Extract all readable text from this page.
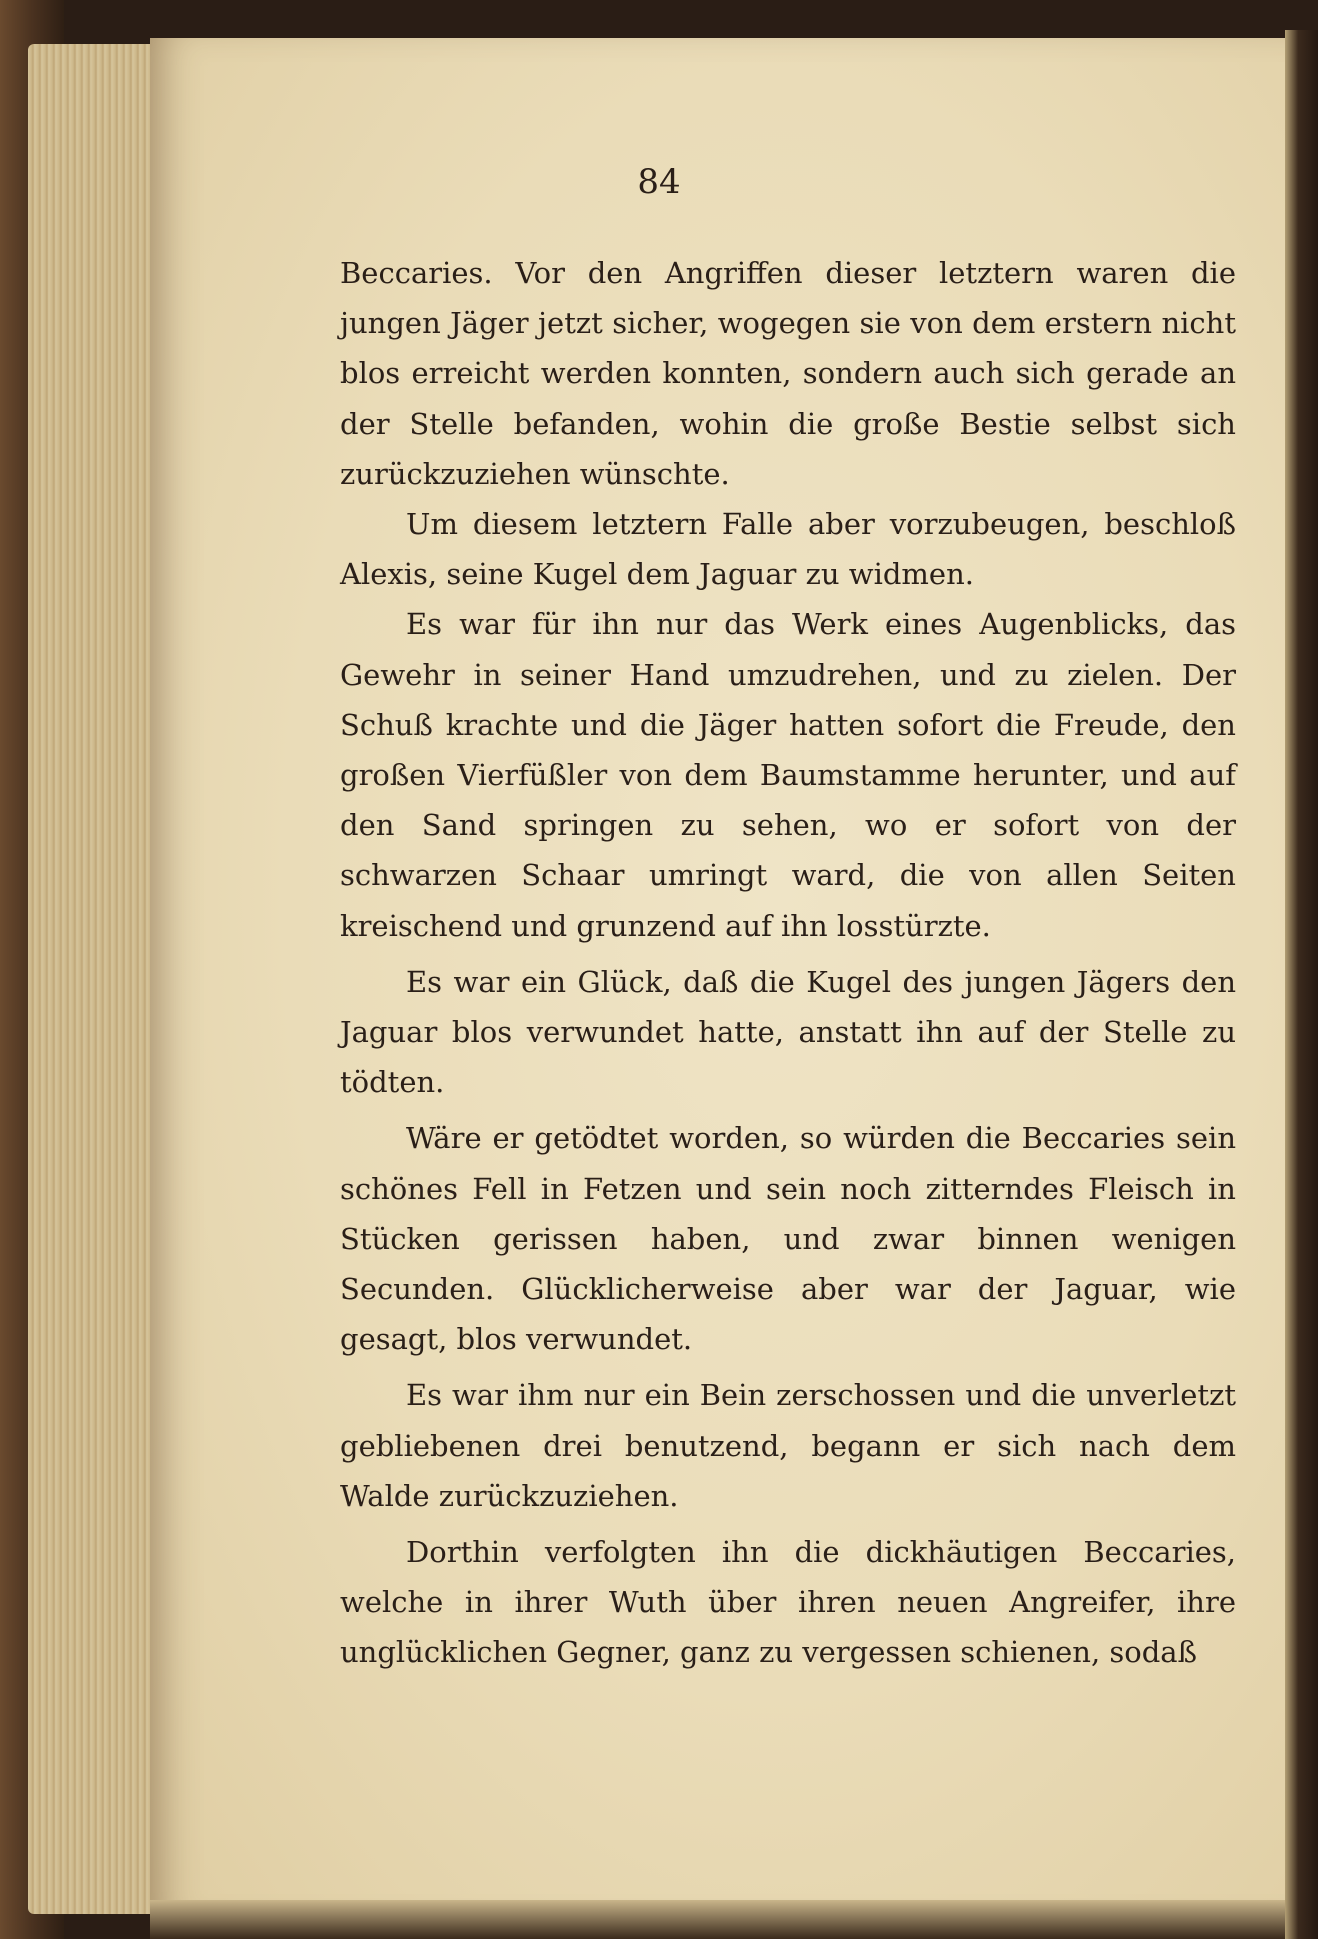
84

Beccaries. Vor den Angriffen dieser letztern waren die jungen Jäger jetzt sicher, wogegen sie von dem erstern nicht blos erreicht werden konnten, sondern auch sich gerade an der Stelle befanden, wohin die große Bestie selbst sich zurückzuziehen wünschte.

Um diesem letztern Falle aber vorzubeugen, beschloß Alexis, seine Kugel dem Jaguar zu widmen.

Es war für ihn nur das Werk eines Augenblicks, das Gewehr in seiner Hand umzudrehen, und zu zielen. Der Schuß krachte und die Jäger hatten sofort die Freude, den großen Vierfüßler von dem Baumstamme herunter, und auf den Sand springen zu sehen, wo er sofort von der schwarzen Schaar umringt ward, die von allen Seiten kreischend und grunzend auf ihn losstürzte.

Es war ein Glück, daß die Kugel des jungen Jägers den Jaguar blos verwundet hatte, anstatt ihn auf der Stelle zu tödten.

Wäre er getödtet worden, so würden die Beccaries sein schönes Fell in Fetzen und sein noch zitterndes Fleisch in Stücken gerissen haben, und zwar binnen wenigen Secunden. Glücklicherweise aber war der Jaguar, wie gesagt, blos verwundet.

Es war ihm nur ein Bein zerschossen und die unverletzt gebliebenen drei benutzend, begann er sich nach dem Walde zurückzuziehen.

Dorthin verfolgten ihn die dickhäutigen Beccaries, welche in ihrer Wuth über ihren neuen Angreifer, ihre unglücklichen Gegner, ganz zu vergessen schienen, sodaß
